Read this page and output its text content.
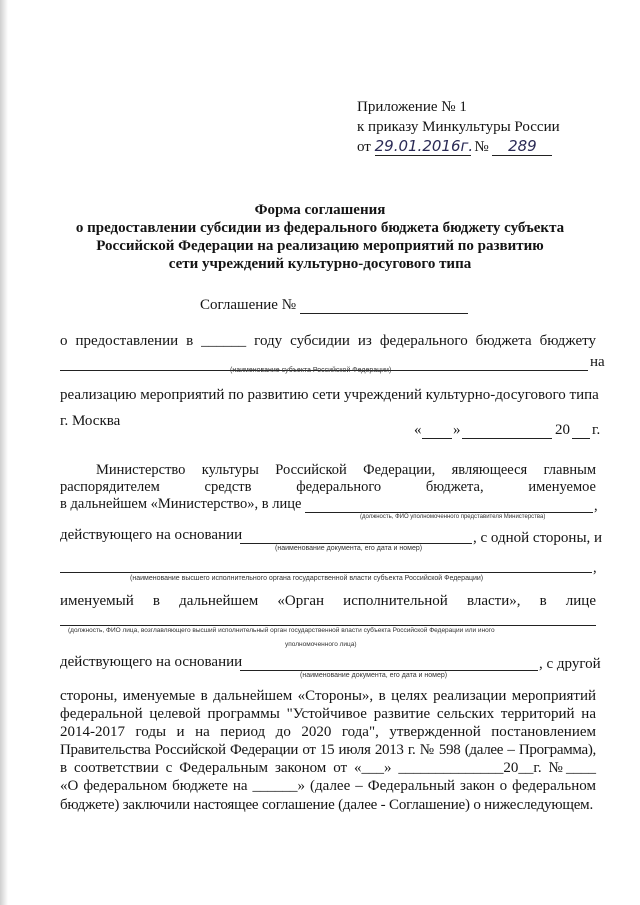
Приложение № 1
к приказу Минкультуры России
от 29.01.2016г. № 289
Форма соглашения
о предоставлении субсидии из федерального бюджета бюджету субъекта
Российской Федерации на реализацию мероприятий по развитию
сети учреждений культурно-досугового типа
Соглашение №
о предоставлении в ______ году субсидии из федерального бюджета бюджету
на
(наименование субъекта Российской Федерации)
реализацию мероприятий по развитию сети учреждений культурно-досугового типа
г. Москва
« »	20 г.
Министерство культуры Российской Федерации, являющееся главным
распорядителем средств федерального бюджета, именуемое
в дальнейшем «Министерство», в лице	,
(должность, ФИО уполномоченного представителя Министерства)
действующего на основании	, с одной стороны, и
(наименование документа, его дата и номер)
,
(наименование высшего исполнительного органа государственной власти субъекта Российской Федерации)
именуемый в дальнейшем «Орган исполнительной власти», в лице
(должность, ФИО лица, возглавляющего высший исполнительный орган государственной власти субъекта Российской Федерации или иного
уполномоченного лица)
действующего на основании	, с другой
(наименование документа, его дата и номер)
стороны, именуемые в дальнейшем «Стороны», в целях реализации мероприятий
федеральной целевой программы "Устойчивое развитие сельских территорий на
2014-2017 годы и на период до 2020 года", утвержденной постановлением
Правительства Российской Федерации от 15 июля 2013 г. № 598 (далее – Программа),
в соответствии с Федеральным законом от «___» ______________20__г. №____
«О федеральном бюджете на ______» (далее – Федеральный закон о федеральном
бюджете) заключили настоящее соглашение (далее - Соглашение) о нижеследующем.
